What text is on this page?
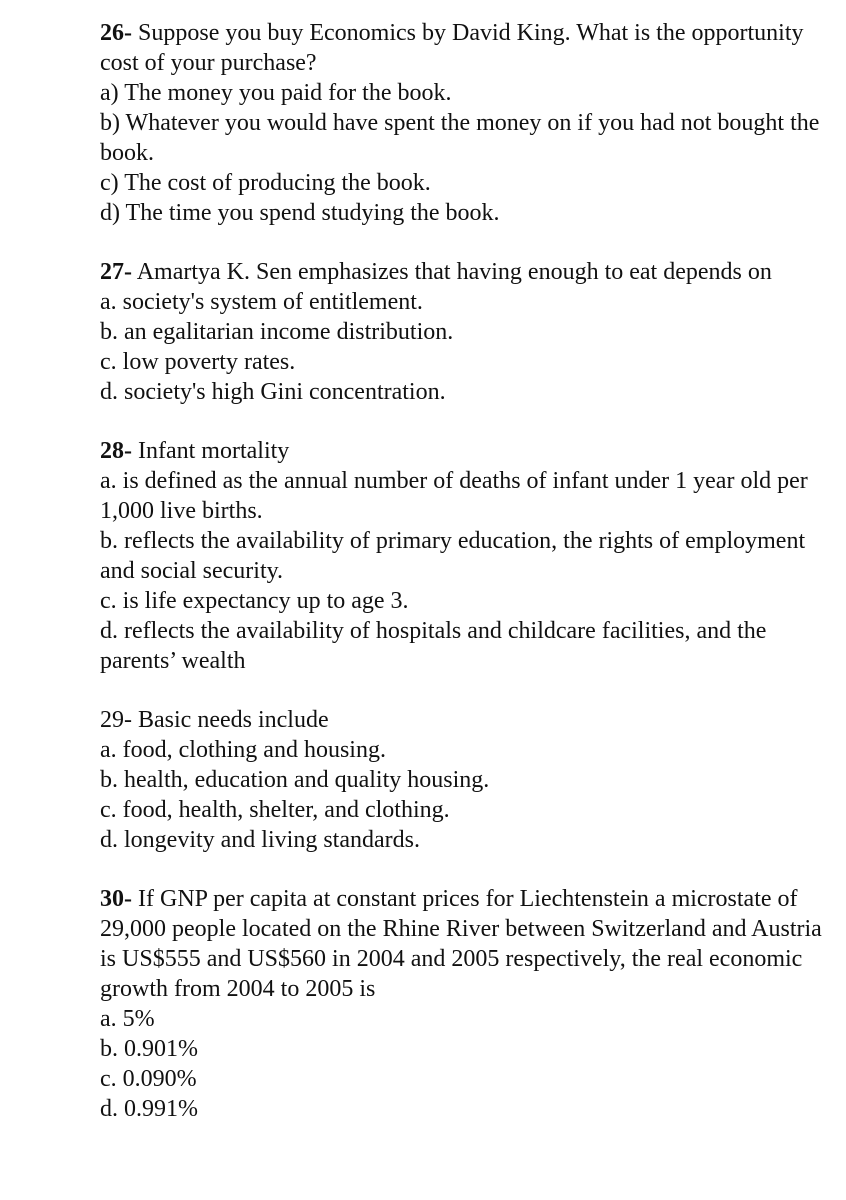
26- Suppose you buy Economics by David King. What is the opportunity cost of your purchase?
a) The money you paid for the book.
b) Whatever you would have spent the money on if you had not bought the book.
c) The cost of producing the book.
d) The time you spend studying the book.
27- Amartya K. Sen emphasizes that having enough to eat depends on
a. society's system of entitlement.
b. an egalitarian income distribution.
c. low poverty rates.
d. society's high Gini concentration.
28- Infant mortality
a. is defined as the annual number of deaths of infant under 1 year old per 1,000 live births.
b. reflects the availability of primary education, the rights of employment and social security.
c. is life expectancy up to age 3.
d. reflects the availability of hospitals and childcare facilities, and the parents’ wealth
29- Basic needs include
a. food, clothing and housing.
b. health, education and quality housing.
c. food, health, shelter, and clothing.
d. longevity and living standards.
30- If GNP per capita at constant prices for Liechtenstein a microstate of 29,000 people located on the Rhine River between Switzerland and Austria is US$555 and US$560 in 2004 and 2005 respectively, the real economic growth from 2004 to 2005 is
a. 5%
b. 0.901%
c. 0.090%
d. 0.991%
